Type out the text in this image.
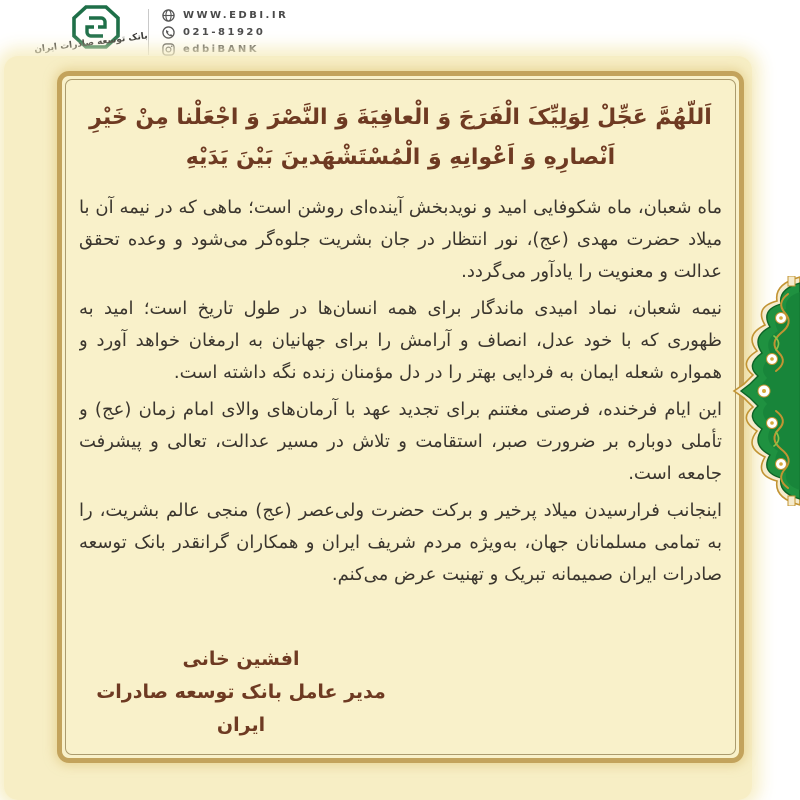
بانک توسعه صادرات ایران
WWW.EDBI.IR
021-81920
edbiBANK
اَللّهُمَّ عَجِّلْ لِوَلِیِّکَ الْفَرَجَ وَ الْعافِیَةَ وَ النَّصْرَ وَ اجْعَلْنا مِنْ خَیْرِ اَنْصارِهِ وَ اَعْوانِهِ وَ الْمُسْتَشْهَدینَ بَیْنَ یَدَیْهِ

ماه شعبان، ماه شکوفایی امید و نویدبخش آینده‌ای روشن است؛ ماهی که در نیمه آن با میلاد حضرت مهدی (عج)، نور انتظار در جان بشریت جلوه‌گر می‌شود و وعده تحقق عدالت و معنویت را یادآور می‌گردد.

نیمه شعبان، نماد امیدی ماندگار برای همه انسان‌ها در طول تاریخ است؛ امید به ظهوری که با خود عدل، انصاف و آرامش را برای جهانیان به ارمغان خواهد آورد و همواره شعله ایمان به فردایی بهتر را در دل مؤمنان زنده نگه داشته است.

این ایام فرخنده، فرصتی مغتنم برای تجدید عهد با آرمان‌های والای امام زمان (عج) و تأملی دوباره بر ضرورت صبر، استقامت و تلاش در مسیر عدالت، تعالی و پیشرفت جامعه است.

اینجانب فرارسیدن میلاد پرخیر و برکت حضرت ولی‌عصر (عج) منجی عالم بشریت، را به تمامی مسلمانان جهان، به‌ویژه مردم شریف ایران و همکاران گرانقدر بانک توسعه صادرات ایران صمیمانه تبریک و تهنیت عرض می‌کنم.

افشین خانی
مدیر عامل بانک توسعه صادرات ایران
